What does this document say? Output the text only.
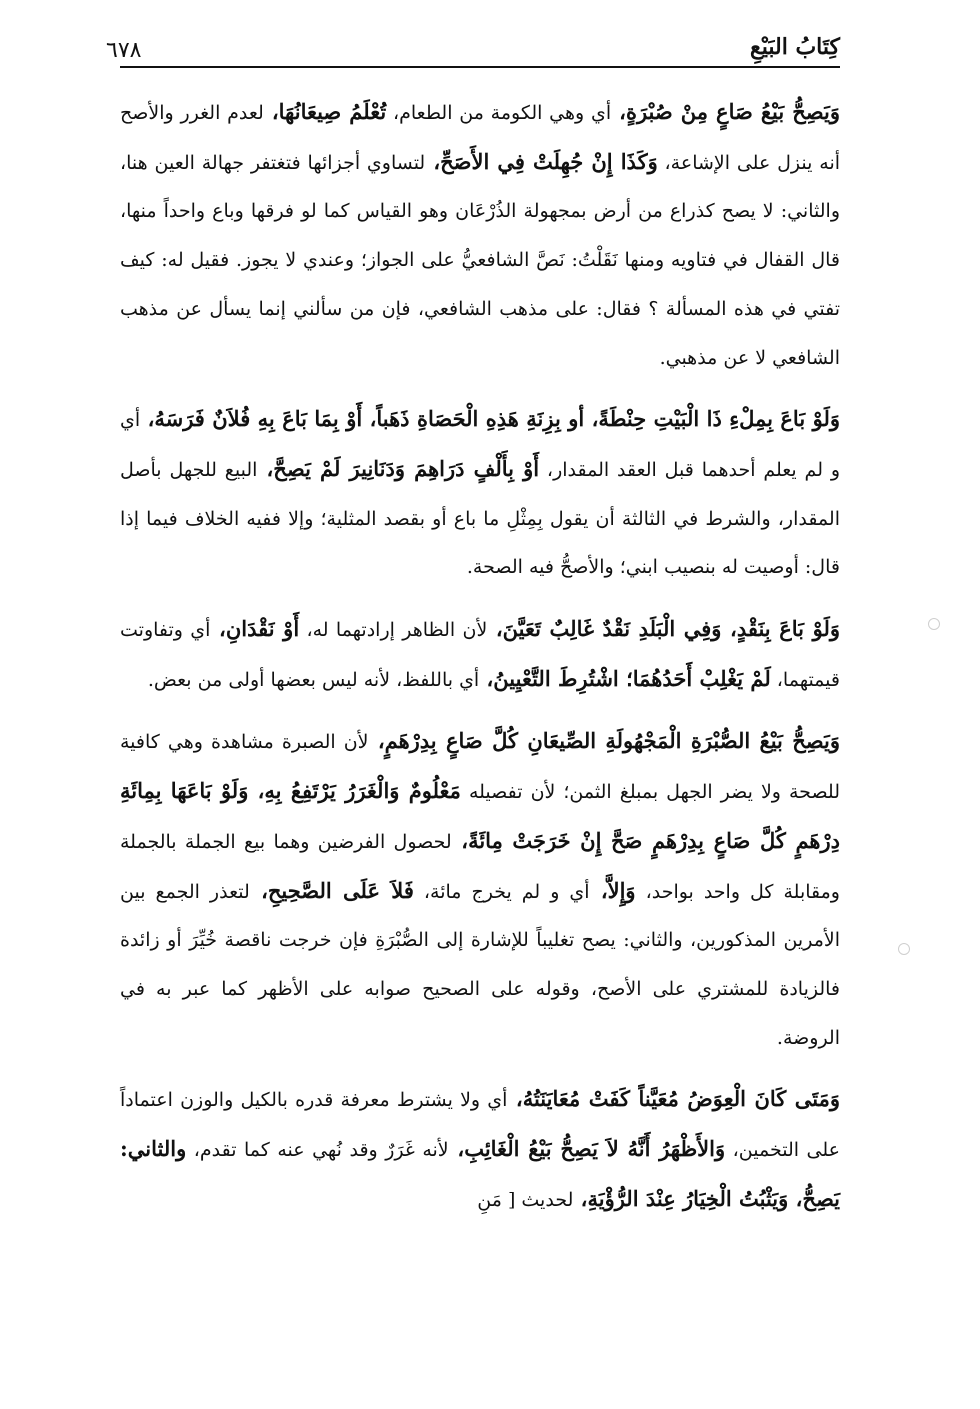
كِتَابُ البَيْعِ
٦٧٨

وَيَصِحُّ بَيْعُ صَاعٍ مِنْ صُبْرَةٍ، أي وهي الكومة من الطعام، تُعْلَمُ صِيعَانُهَا، لعدم الغرر والأصح أنه ينزل على الإشاعة، وَكَذَا إِنْ جُهِلَتْ فِي الأَصَحِّ، لتساوي أجزائها فتغتفر جهالة العين هنا، والثاني: لا يصح كذراع من أرض بمجهولة الذُرْعَان وهو القياس كما لو فرقها وباع واحداً منها، قال القفال في فتاويه ومنها نَقَلْتُ: نَصَّ الشافعيُّ على الجواز؛ وعندي لا يجوز. فقيل له: كيف تفتي في هذه المسألة ؟ فقال: على مذهب الشافعي، فإن من سألني إنما يسأل عن مذهب الشافعي لا عن مذهبي.

وَلَوْ بَاعَ بِمِلْءِ ذَا الْبَيْتِ حِنْطَةً، أو بِزِنَةِ هَذِهِ الْحَصَاةِ ذَهَباً، أَوْ بِمَا بَاعَ بِهِ فُلاَنٌ فَرَسَهُ، أي و لم يعلم أحدهما قبل العقد المقدار، أَوْ بِأَلْفٍ دَرَاهِمَ وَدَنَانِيرَ لَمْ يَصِحَّ، البيع للجهل بأصل المقدار، والشرط في الثالثة أن يقول بِمِثْلِ ما باع أو بقصد المثلية؛ وإلا ففيه الخلاف فيما إذا قال: أوصيت له بنصيب ابني؛ والأصحُّ فيه الصحة.

وَلَوْ بَاعَ بِنَقْدٍ، وَفِي الْبَلَدِ نَقْدٌ غَالِبٌ تَعَيَّنَ، لأن الظاهر إرادتهما له، أَوْ نَقْدَانِ، أي وتفاوتت قيمتهما، لَمْ يَغْلِبْ أَحَدُهُمَا؛ اشْتُرِطَ التَّعْيِينُ، أي باللفظ، لأنه ليس بعضها أولى من بعض.

وَيَصِحُّ بَيْعُ الصُّبْرَةِ الْمَجْهُولَةِ الصِّيعَانِ كُلَّ صَاعٍ بِدِرْهَمٍ، لأن الصبرة مشاهدة وهي كافية للصحة ولا يضر الجهل بمبلغ الثمن؛ لأن تفصيله مَعْلُومٌ وَالْغَرَرُ يَرْتَفِعُ بِهِ، وَلَوْ بَاعَهَا بِمِائَةِ دِرْهَمٍ كُلَّ صَاعٍ بِدِرْهَمٍ صَحَّ إِنْ خَرَجَتْ مِائَةً، لحصول الفرضين وهما بيع الجملة بالجملة ومقابلة كل واحد بواحد، وَإِلاَّ، أي و لم يخرج مائة، فَلاَ عَلَى الصَّحِيحِ، لتعذر الجمع بين الأمرين المذكورين، والثاني: يصح تغليباً للإشارة إلى الصُّبْرَةِ فإن خرجت ناقصة خُيِّرَ أو زائدة فالزيادة للمشتري على الأصح، وقوله على الصحيح صوابه على الأظهر كما عبر به في الروضة.

وَمَتَى كَانَ الْعِوَضُ مُعَيَّناً كَفَتْ مُعَايَنَتُهُ، أي ولا يشترط معرفة قدره بالكيل والوزن اعتماداً على التخمين، وَالأَظْهَرُ أَنَّهُ لاَ يَصِحُّ بَيْعُ الْغَائِبِ، لأنه غَرَرٌ وقد نُهي عنه كما تقدم، والثاني: يَصِحُّ، وَيَثْبُتُ الْخِيَارُ عِنْدَ الرُّؤْيَةِ، لحديث [ مَنِ
